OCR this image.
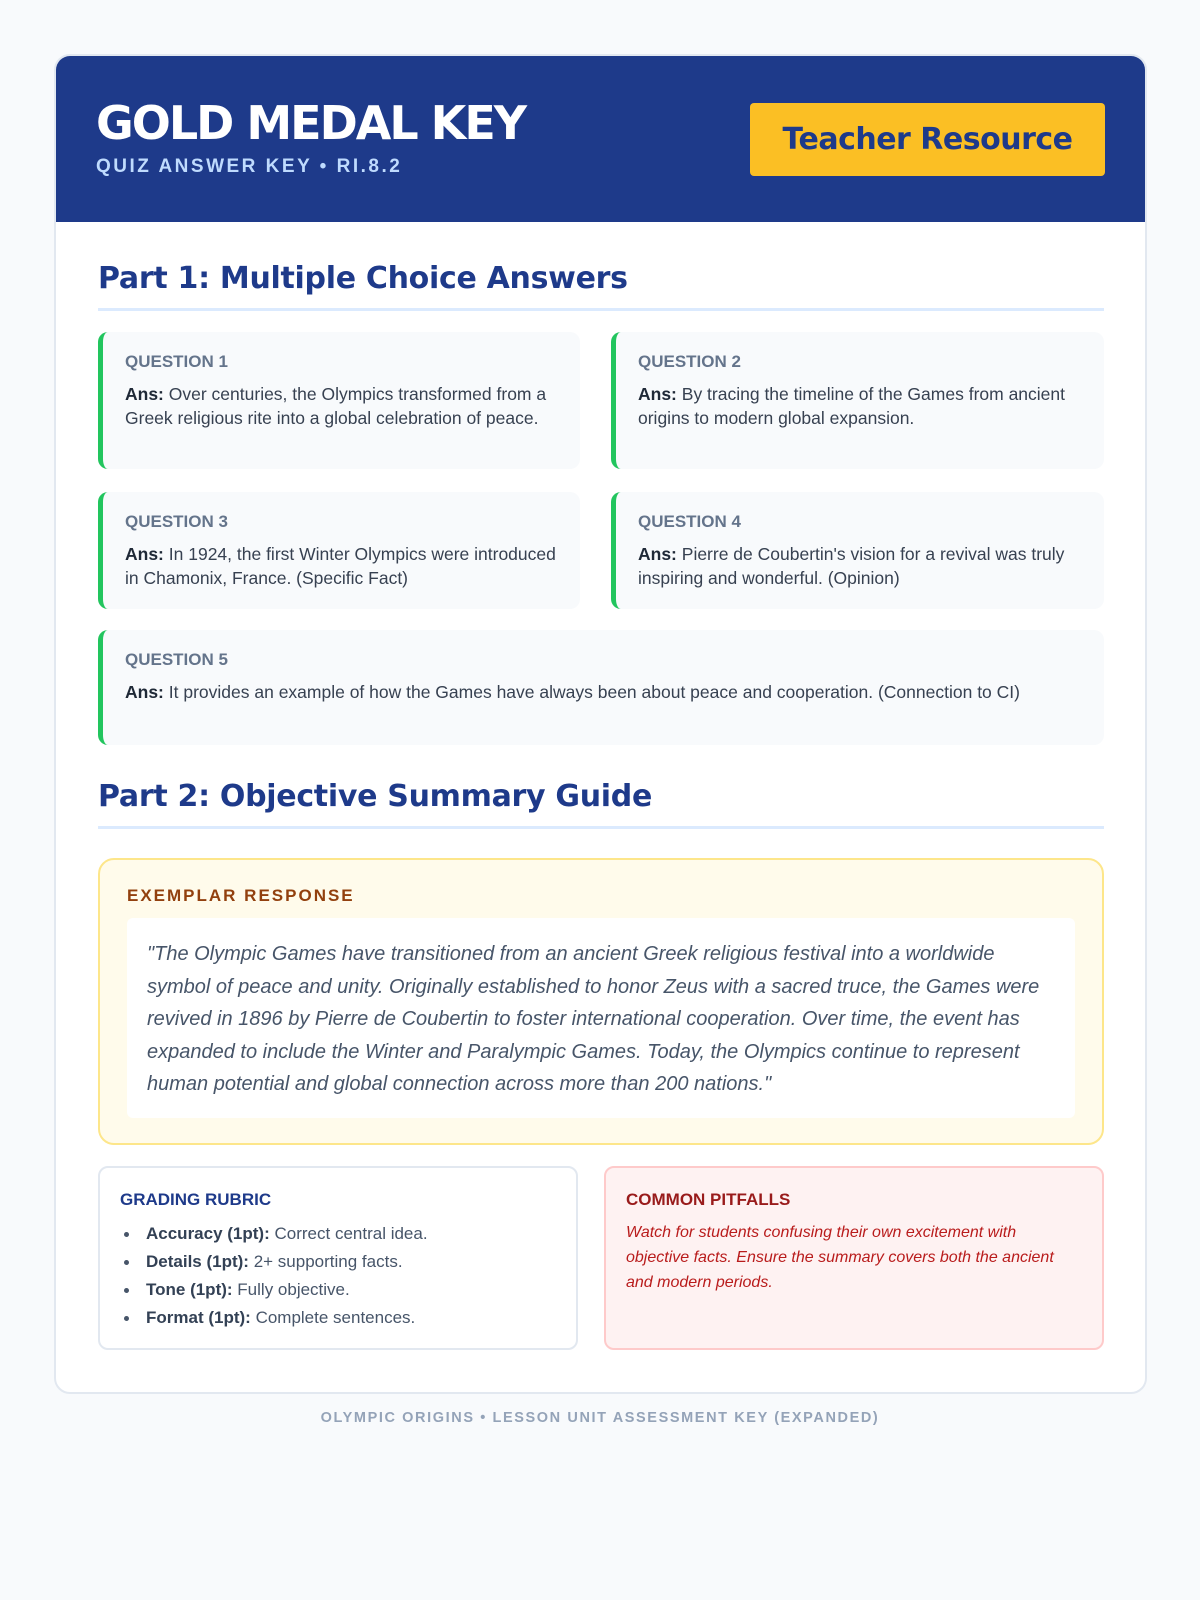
GOLD MEDAL KEY
QUIZ ANSWER KEY • RI.8.2
Teacher Resource
Part 1: Multiple Choice Answers
QUESTION 1
Ans: Over centuries, the Olympics transformed from a Greek religious rite into a global celebration of peace.
QUESTION 2
Ans: By tracing the timeline of the Games from ancient origins to modern global expansion.
QUESTION 3
Ans: In 1924, the first Winter Olympics were introduced in Chamonix, France. (Specific Fact)
QUESTION 4
Ans: Pierre de Coubertin's vision for a revival was truly inspiring and wonderful. (Opinion)
QUESTION 5
Ans: It provides an example of how the Games have always been about peace and cooperation. (Connection to CI)
Part 2: Objective Summary Guide
EXEMPLAR RESPONSE
"The Olympic Games have transitioned from an ancient Greek religious festival into a worldwide symbol of peace and unity. Originally established to honor Zeus with a sacred truce, the Games were revived in 1896 by Pierre de Coubertin to foster international cooperation. Over time, the event has expanded to include the Winter and Paralympic Games. Today, the Olympics continue to represent human potential and global connection across more than 200 nations."
GRADING RUBRIC
Accuracy (1pt): Correct central idea.
Details (1pt): 2+ supporting facts.
Tone (1pt): Fully objective.
Format (1pt): Complete sentences.
COMMON PITFALLS
Watch for students confusing their own excitement with objective facts. Ensure the summary covers both the ancient and modern periods.
OLYMPIC ORIGINS • LESSON UNIT ASSESSMENT KEY (EXPANDED)
